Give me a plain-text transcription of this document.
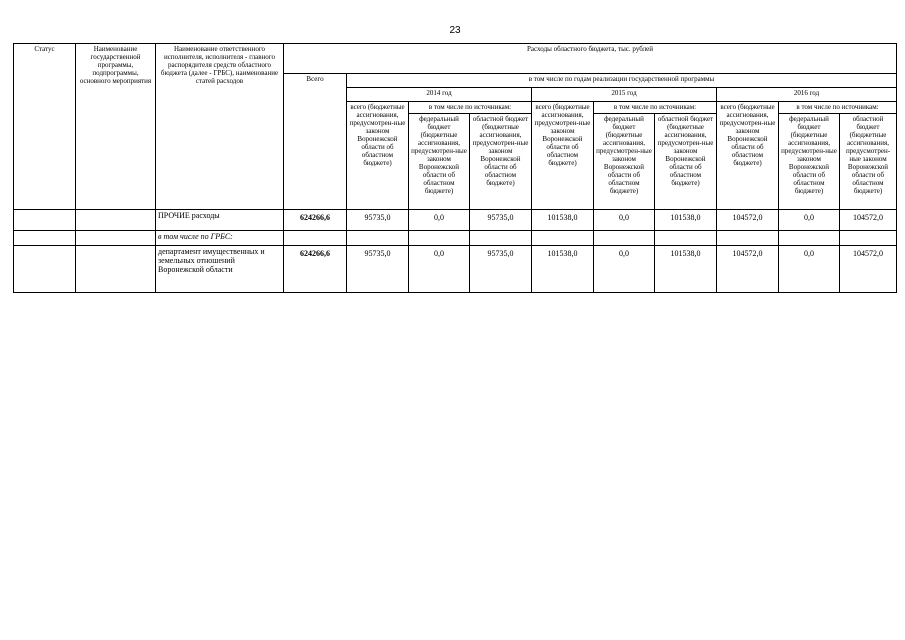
23
Статус	Наименование государственной программы, подпрограммы, основного мероприятия	Наименование ответственного исполнителя, исполнителя - главного распорядителя средств областного бюджета (далее - ГРБС), наименование статей расходов	Расходы областного бюджета, тыс. рублей									
			Всего	в том числе по годам реализации государственной программы								
				2014 год			2015 год			2016 год		
				всего (бюджетные ассигнования, предусмотрен-ные законом Воронежской области об областном бюджете)	в том числе по источникам:		всего (бюджетные ассигнования, предусмотрен-ные законом Воронежской области об областном бюджете)	в том числе по источникам:		всего (бюджетные ассигнования, предусмотрен-ные законом Воронежской области об областном бюджете)	в том числе по источникам:	
					федеральный бюджет (бюджетные ассигнования, предусмотрен-ные законом Воронежской области об областном бюджете)	областной бюджет (бюджетные ассигнования, предусмотрен-ные законом Воронежской области об областном бюджете)		федеральный бюджет (бюджетные ассигнования, предусмотрен-ные законом Воронежской области об областном бюджете)	областной бюджет (бюджетные ассигнования, предусмотрен-ные законом Воронежской области об областном бюджете)		федеральный бюджет (бюджетные ассигнования, предусмотрен-ные законом Воронежской области об областном бюджете)	областной бюджет (бюджетные ассигнования, предусмотрен-ные законом Воронежской области об областном бюджете)
		ПРОЧИЕ расходы	624266,6	95735,0	0,0	95735,0	101538,0	0,0	101538,0	104572,0	0,0	104572,0
		в том числе по ГРБС:										
		департамент имущественных и земельных отношений Воронежской области	624266,6	95735,0	0,0	95735,0	101538,0	0,0	101538,0	104572,0	0,0	104572,0
